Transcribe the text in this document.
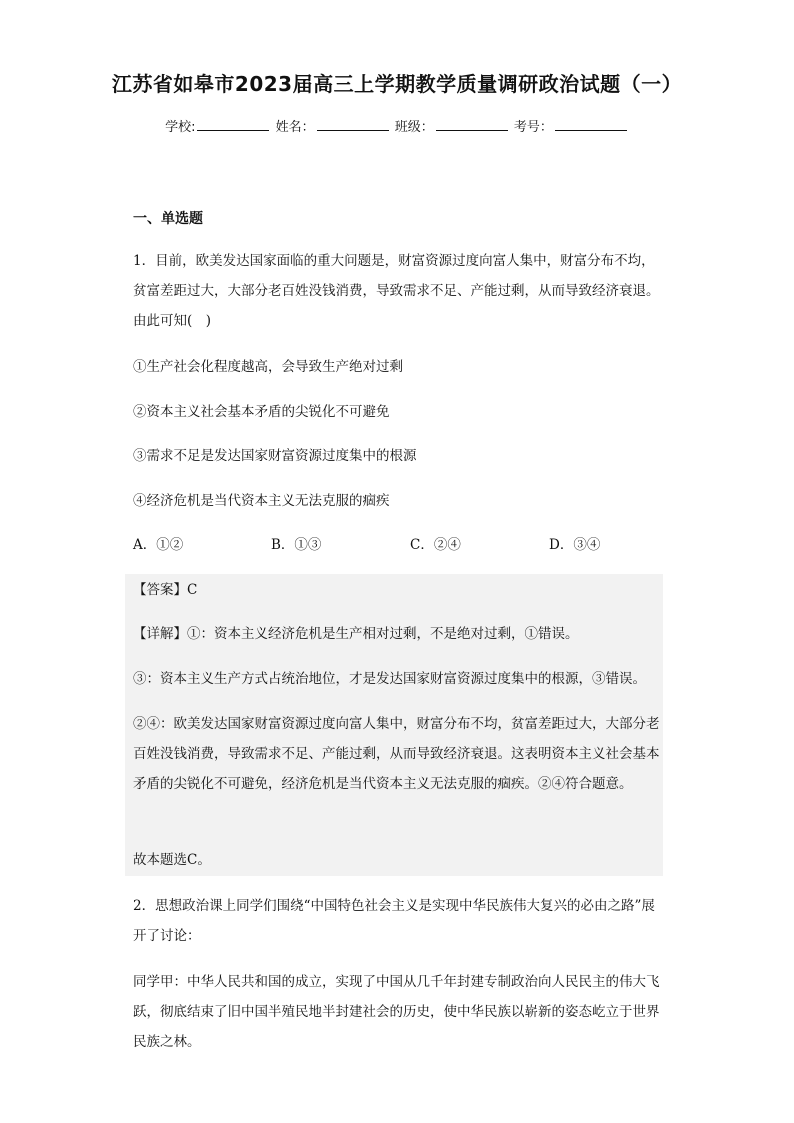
江苏省如皋市2023届高三上学期教学质量调研政治试题（一）
学校:	姓名：	班级：	考号：
一、单选题

1．目前，欧美发达国家面临的重大问题是，财富资源过度向富人集中，财富分布不均，贫富差距过大，大部分老百姓没钱消费，导致需求不足、产能过剩，从而导致经济衰退。由此可知(　)

①生产社会化程度越高，会导致生产绝对过剩

②资本主义社会基本矛盾的尖锐化不可避免

③需求不足是发达国家财富资源过度集中的根源

④经济危机是当代资本主义无法克服的痼疾

A．①②	B．①③	C．②④	D．③④

【答案】C

【详解】①：资本主义经济危机是生产相对过剩，不是绝对过剩，①错误。

③：资本主义生产方式占统治地位，才是发达国家财富资源过度集中的根源，③错误。

②④：欧美发达国家财富资源过度向富人集中，财富分布不均，贫富差距过大，大部分老百姓没钱消费，导致需求不足、产能过剩，从而导致经济衰退。这表明资本主义社会基本矛盾的尖锐化不可避免，经济危机是当代资本主义无法克服的痼疾。②④符合题意。

故本题选C。

2．思想政治课上同学们围绕“中国特色社会主义是实现中华民族伟大复兴的必由之路”展开了讨论：

同学甲：中华人民共和国的成立，实现了中国从几千年封建专制政治向人民民主的伟大飞跃，彻底结束了旧中国半殖民地半封建社会的历史，使中华民族以崭新的姿态屹立于世界民族之林。
